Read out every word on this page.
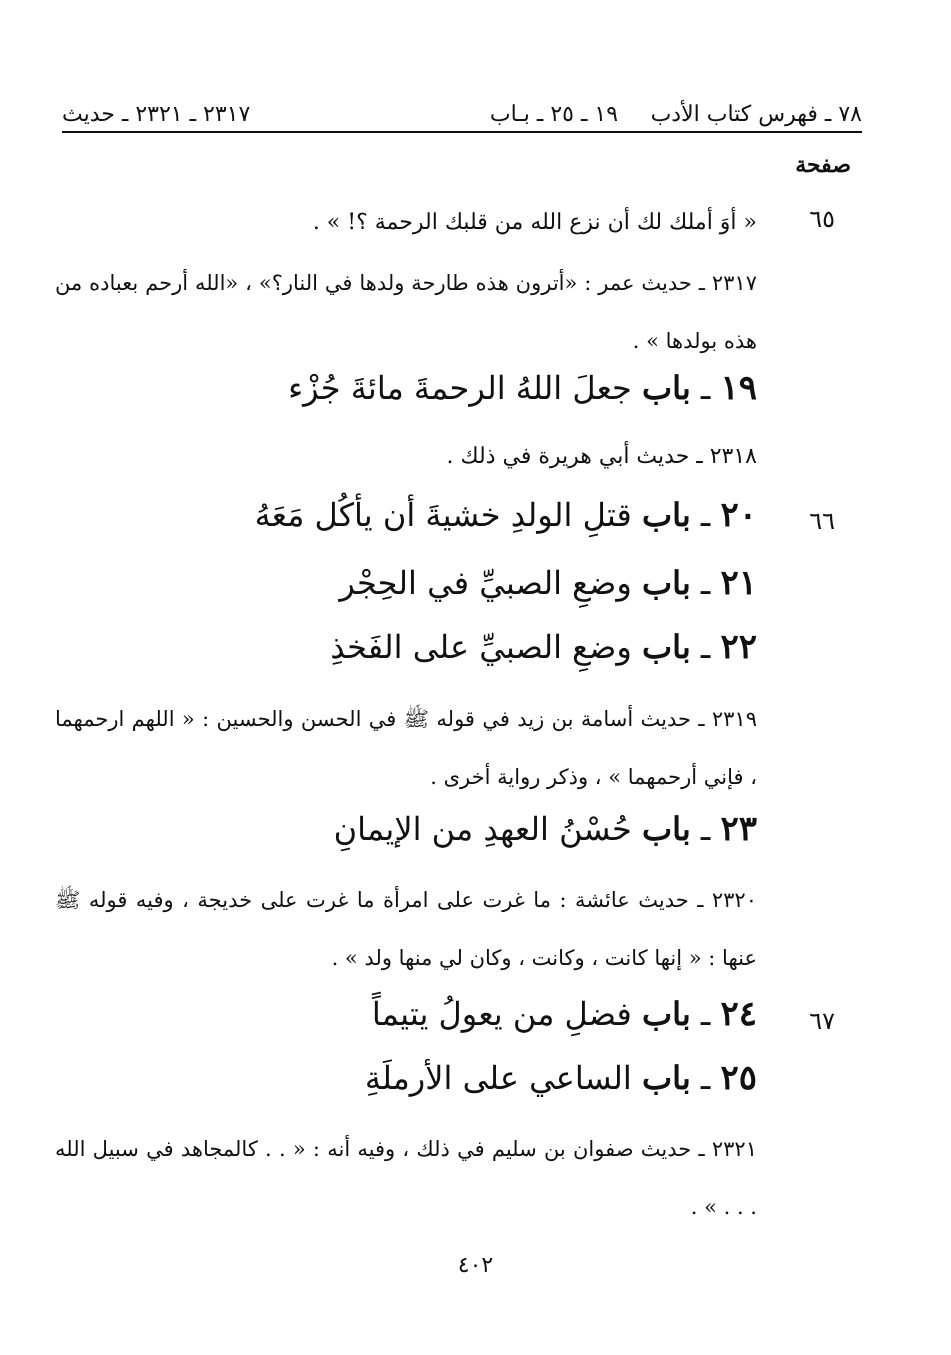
٧٨ ـ فهرس كتاب الأدب
١٩ ـ ٢٥ ـ بـاب
٢٣١٧ ـ ٢٣٢١ ـ حديث
صفحة
٦٥
« أوَ أملك لك أن نزع الله من قلبك الرحمة ؟! » .
٢٣١٧ ـ حديث عمر : «أترون هذه طارحة ولدها في النار؟» ، «الله أرحم بعباده من هذه بولدها » .
١٩ ـ باب جعلَ اللهُ الرحمةَ مائةَ جُزْء
٢٣١٨ ـ حديث أبي هريرة في ذلك .
٦٦
٢٠ ـ باب قتلِ الولدِ خشيةَ أن يأكُل مَعَهُ
٢١ ـ باب وضعِ الصبيِّ في الحِجْر
٢٢ ـ باب وضعِ الصبيِّ على الفَخذِ
٢٣١٩ ـ حديث أسامة بن زيد في قوله ﷺ في الحسن والحسين : « اللهم ارحمهما ، فإني أرحمهما » ، وذكر رواية أخرى .
٢٣ ـ باب حُسْنُ العهدِ من الإيمانِ
٢٣٢٠ ـ حديث عائشة : ما غرت على امرأة ما غرت على خديجة ، وفيه قوله ﷺ عنها : « إنها كانت ، وكانت ، وكان لي منها ولد » .
٦٧
٢٤ ـ باب فضلِ من يعولُ يتيماً
٢٥ ـ باب الساعي على الأرملَةِ
٢٣٢١ ـ حديث صفوان بن سليم في ذلك ، وفيه أنه : « . . كالمجاهد في سبيل الله . . . » .
٤٠٢
